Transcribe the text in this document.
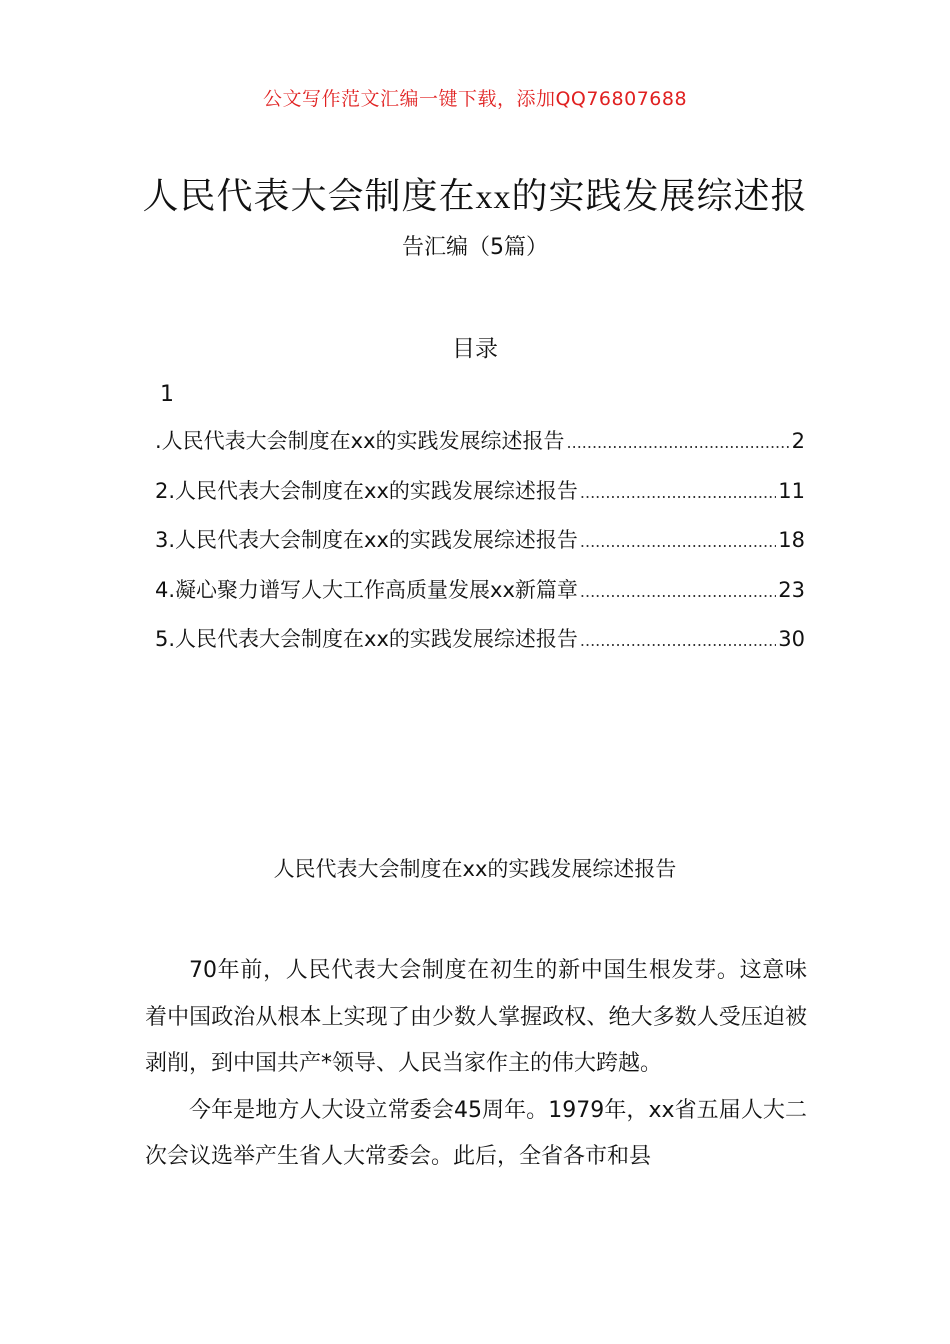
公文写作范文汇编一键下载，添加QQ76807688
人民代表大会制度在xx的实践发展综述报
告汇编（5篇）
目录
1
.人民代表大会制度在xx的实践发展综述报告 .....	2
2.人民代表大会制度在xx的实践发展综述报告 .....	11
3.人民代表大会制度在xx的实践发展综述报告 .....	18
4.凝心聚力谱写人大工作高质量发展xx新篇章 .....	23
5.人民代表大会制度在xx的实践发展综述报告 .....	30
人民代表大会制度在xx的实践发展综述报告

70年前，人民代表大会制度在初生的新中国生根发芽。这意味着中国政治从根本上实现了由少数人掌握政权、绝大多数人受压迫被剥削，到中国共产*领导、人民当家作主的伟大跨越。

今年是地方人大设立常委会45周年。1979年，xx省五届人大二次会议选举产生省人大常委会。此后，全省各市和县
